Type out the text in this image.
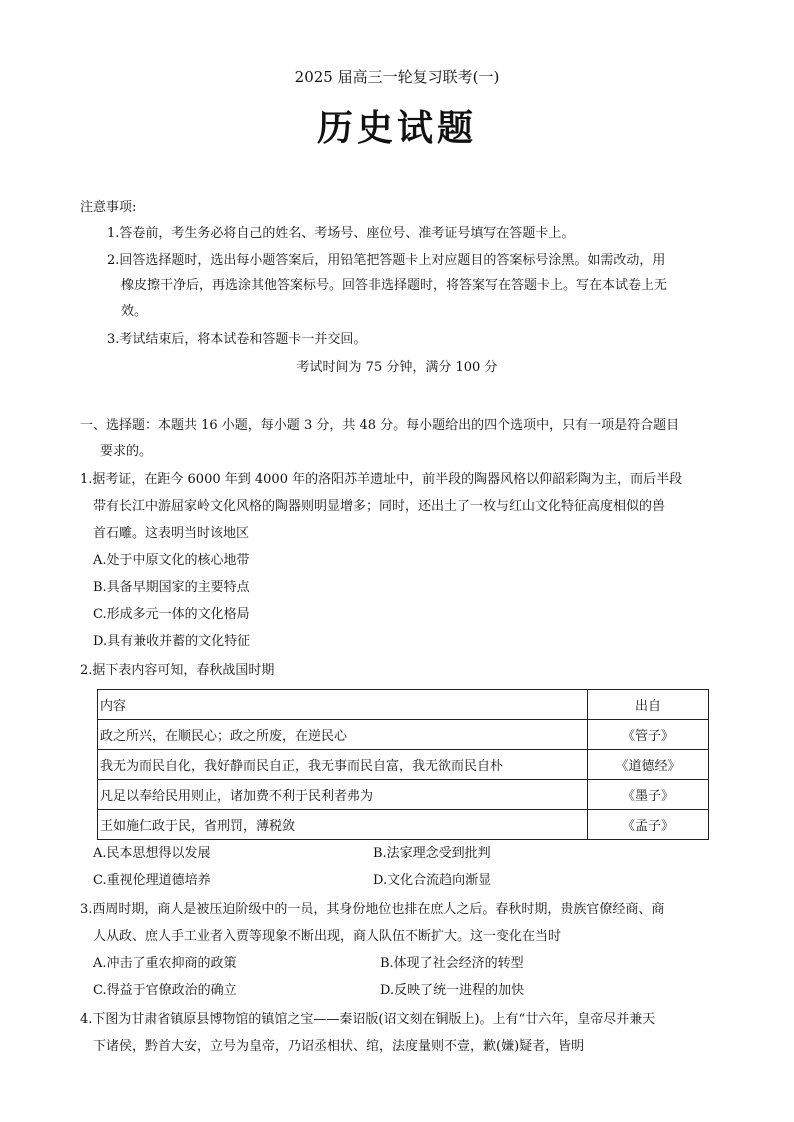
2025 届高三一轮复习联考(一)
历史试题
注意事项:
1.答卷前，考生务必将自己的姓名、考场号、座位号、准考证号填写在答题卡上。
2.回答选择题时，选出每小题答案后，用铅笔把答题卡上对应题目的答案标号涂黑。如需改动，用
橡皮擦干净后，再选涂其他答案标号。回答非选择题时，将答案写在答题卡上。写在本试卷上无
效。
3.考试结束后，将本试卷和答题卡一并交回。
考试时间为 75 分钟，满分 100 分
一、选择题：本题共 16 小题，每小题 3 分，共 48 分。每小题给出的四个选项中，只有一项是符合题目
要求的。
1.据考证，在距今 6000 年到 4000 年的洛阳苏羊遗址中，前半段的陶器风格以仰韶彩陶为主，而后半段
带有长江中游屈家岭文化风格的陶器则明显增多；同时，还出土了一枚与红山文化特征高度相似的兽
首石雕。这表明当时该地区
A.处于中原文化的核心地带
B.具备早期国家的主要特点
C.形成多元一体的文化格局
D.具有兼收并蓄的文化特征
2.据下表内容可知，春秋战国时期
内容	出自
政之所兴，在顺民心；政之所废，在逆民心	《管子》
我无为而民自化，我好静而民自正，我无事而民自富，我无欲而民自朴	《道德经》
凡足以奉给民用则止，诸加费不利于民利者弗为	《墨子》
王如施仁政于民，省刑罚，薄税敛	《孟子》
A.民本思想得以发展	B.法家理念受到批判
C.重视伦理道德培养	D.文化合流趋向渐显
3.西周时期，商人是被压迫阶级中的一员，其身份地位也排在庶人之后。春秋时期，贵族官僚经商、商
人从政、庶人手工业者入贾等现象不断出现，商人队伍不断扩大。这一变化在当时
A.冲击了重农抑商的政策	B.体现了社会经济的转型
C.得益于官僚政治的确立	D.反映了统一进程的加快
4.下图为甘肃省镇原县博物馆的镇馆之宝——秦诏版(诏文刻在铜版上)。上有“廿六年，皇帝尽并兼天
下诸侯，黔首大安，立号为皇帝，乃诏丞相状、绾，法度量则不壹，歉(嫌)疑者，皆明
